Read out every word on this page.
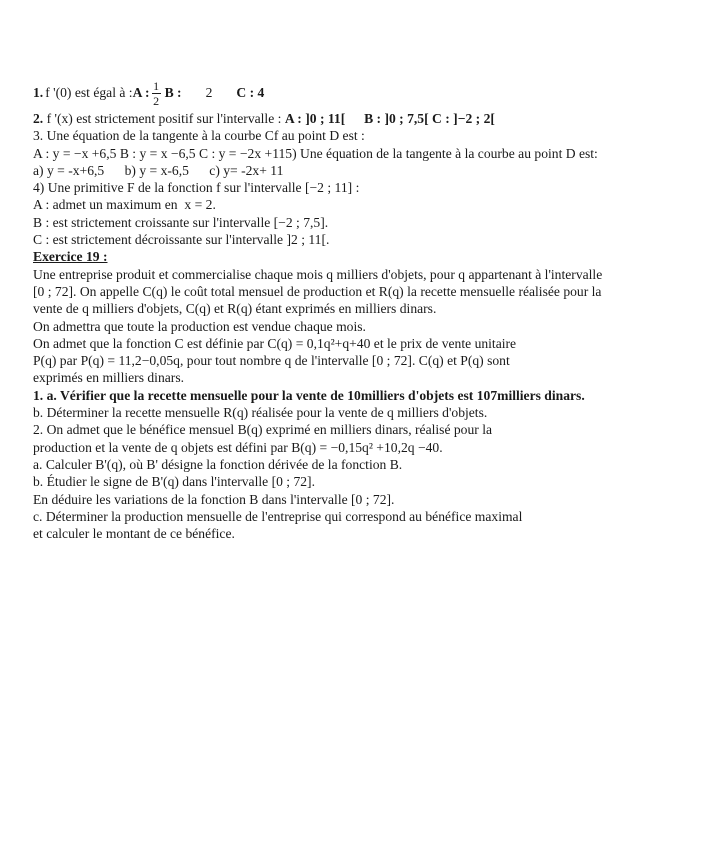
1. f '(0) est égal à : A : $\frac{1}{2}$ B : 2 C : 4
2. f '(x) est strictement positif sur l'intervalle : A : ]0 ; 11[ B : ]0 ; 7,5[ C : ]−2 ; 2[
3. Une équation de la tangente à la courbe Cf au point D est :
A : y = −x +6,5 B : y = x −6,5 C : y = −2x +115) Une équation de la tangente à la courbe au point D est:
a) y = -x+6,5      b) y = x-6,5      c) y= -2x+ 11
4) Une primitive F de la fonction f sur l'intervalle [−2 ; 11] :
A : admet un maximum en  x = 2.
B : est strictement croissante sur l'intervalle [−2 ; 7,5].
C : est strictement décroissante sur l'intervalle ]2 ; 11[.
Exercice 19 :
Une entreprise produit et commercialise chaque mois q milliers d'objets, pour q appartenant à l'intervalle
[0 ; 72]. On appelle C(q) le coût total mensuel de production et R(q) la recette mensuelle réalisée pour la
vente de q milliers d'objets, C(q) et R(q) étant exprimés en milliers dinars.
On admettra que toute la production est vendue chaque mois.
On admet que la fonction C est définie par C(q) = 0,1q²+q+40 et le prix de vente unitaire
P(q) par P(q) = 11,2−0,05q, pour tout nombre q de l'intervalle [0 ; 72]. C(q) et P(q) sont
exprimés en milliers dinars.
1. a. Vérifier que la recette mensuelle pour la vente de 10milliers d'objets est 107milliers dinars.
b. Déterminer la recette mensuelle R(q) réalisée pour la vente de q milliers d'objets.
2. On admet que le bénéfice mensuel B(q) exprimé en milliers dinars, réalisé pour la
production et la vente de q objets est défini par B(q) = −0,15q² +10,2q −40.
a. Calculer B'(q), où B' désigne la fonction dérivée de la fonction B.
b. Étudier le signe de B'(q) dans l'intervalle [0 ; 72].
En déduire les variations de la fonction B dans l'intervalle [0 ; 72].
c. Déterminer la production mensuelle de l'entreprise qui correspond au bénéfice maximal
et calculer le montant de ce bénéfice.
